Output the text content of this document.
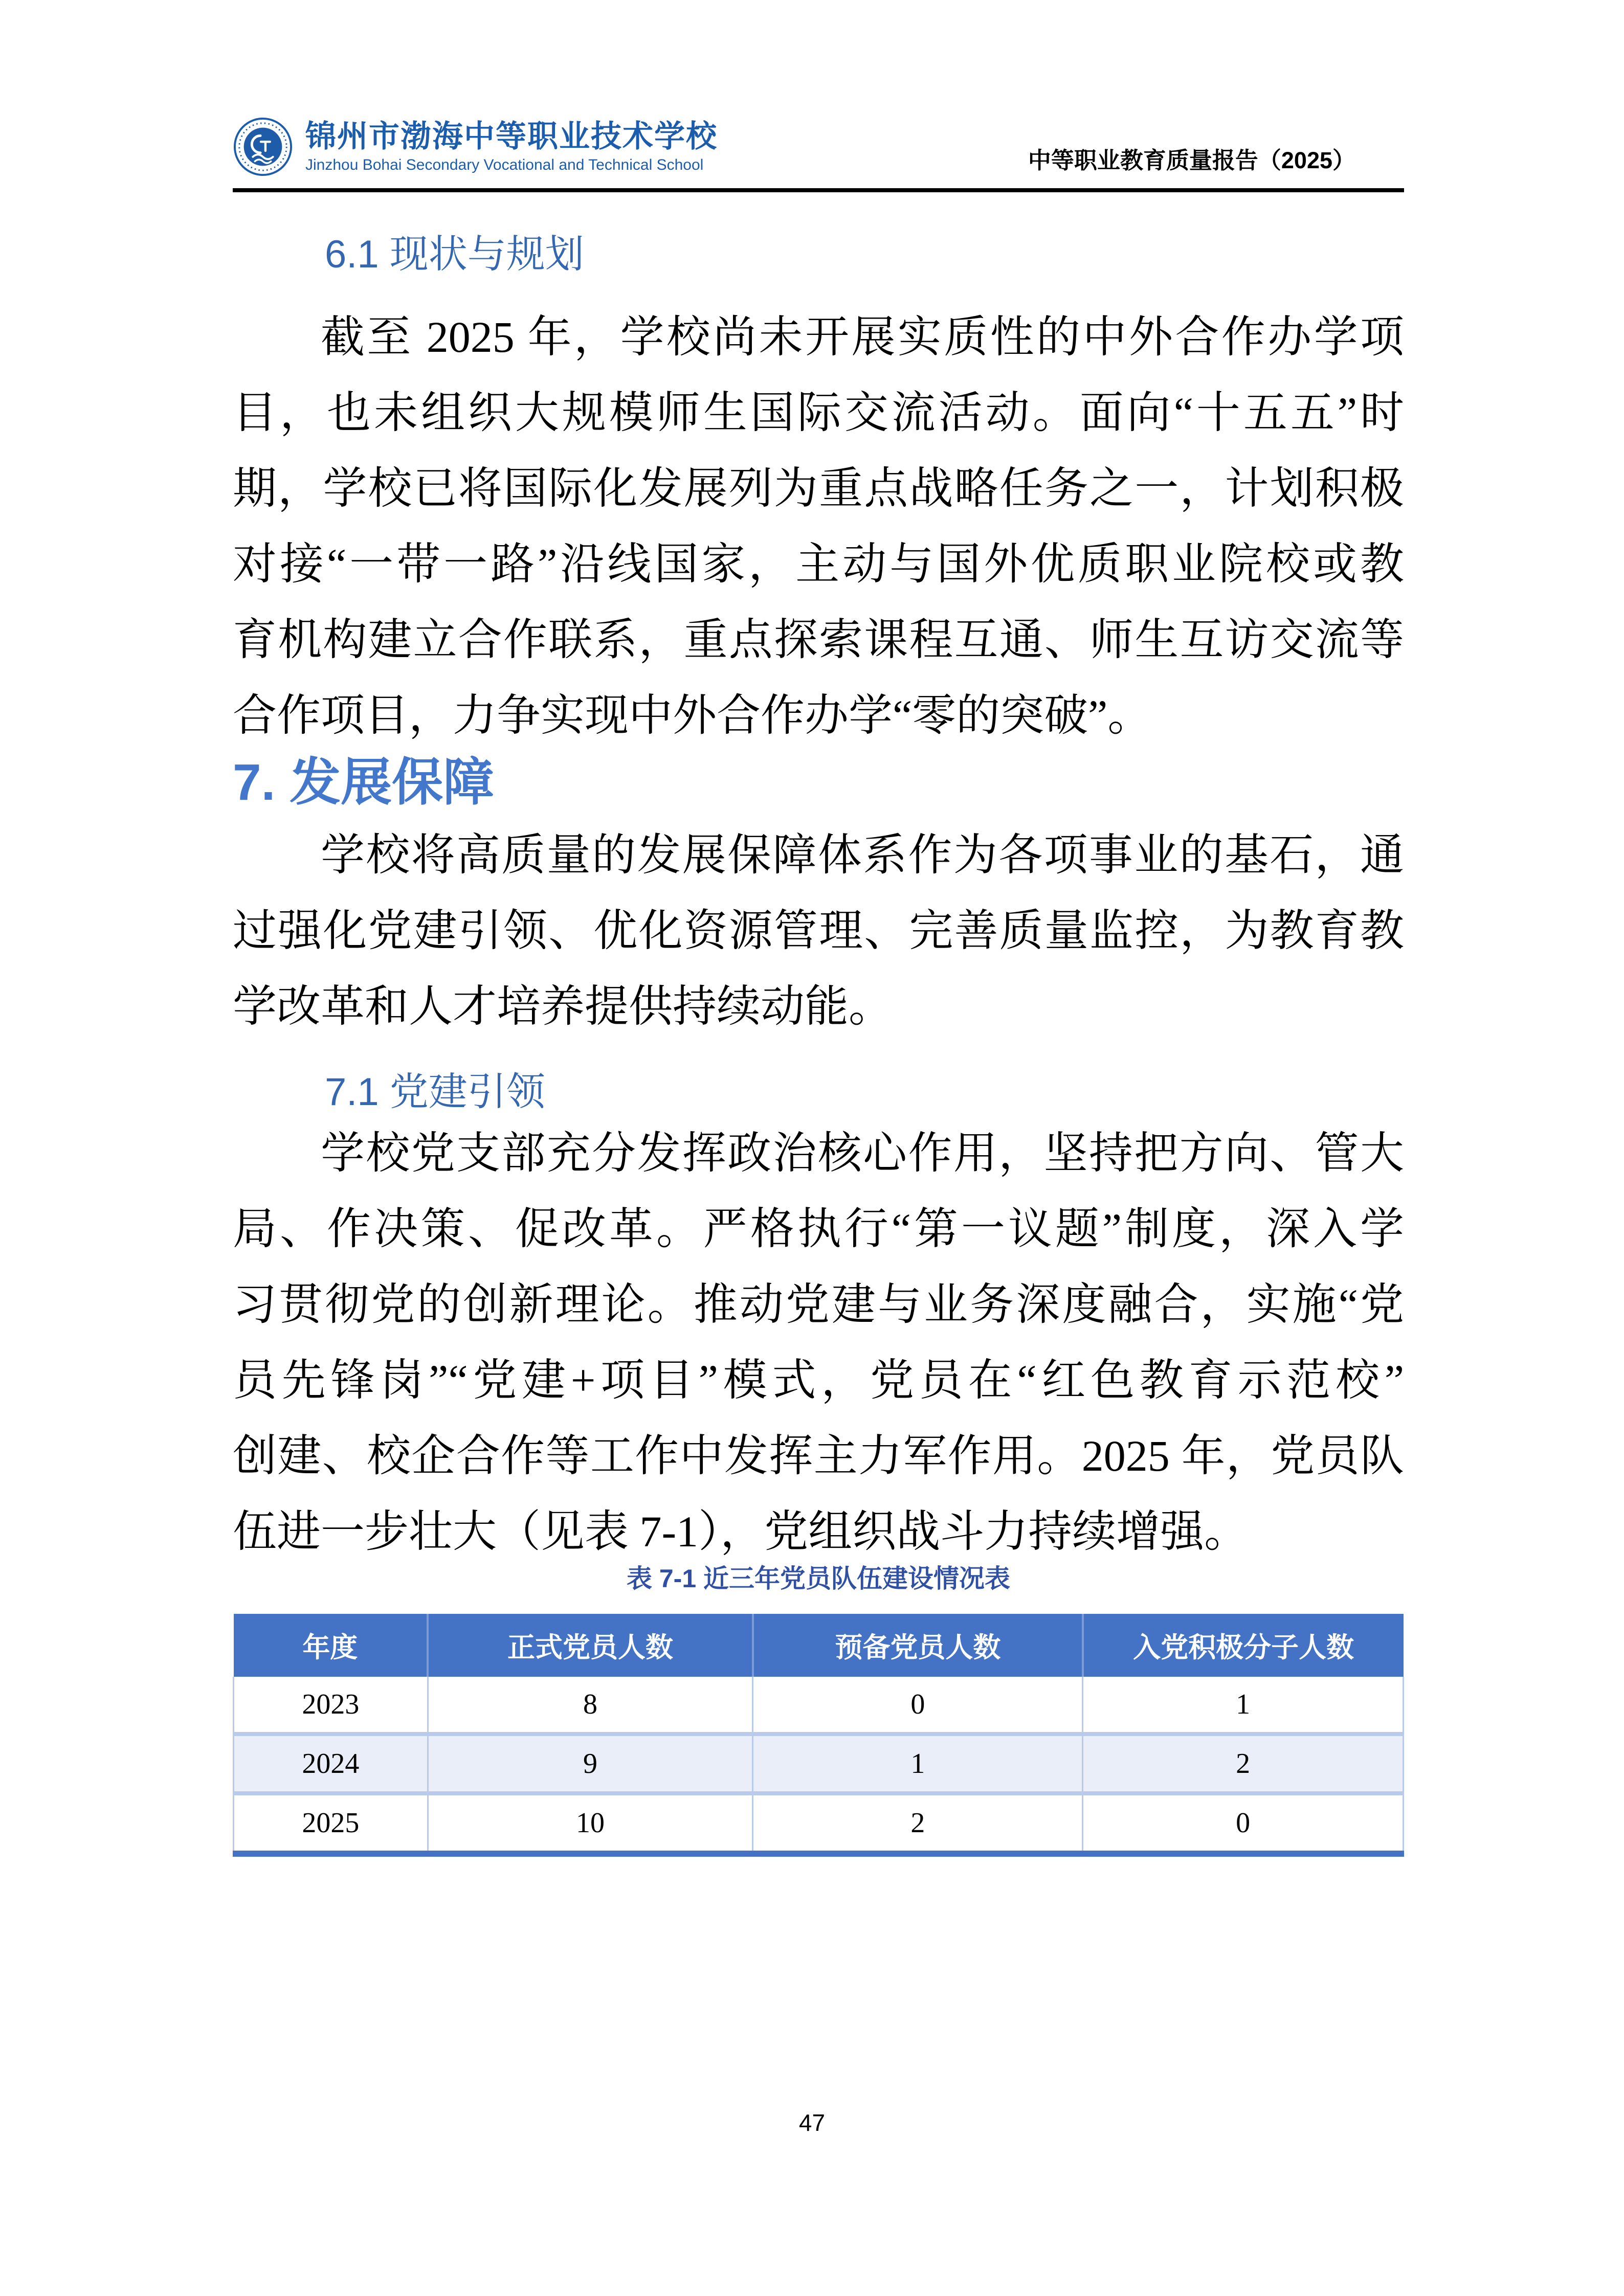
锦州市渤海中等职业技术学校
Jinzhou Bohai Secondary Vocational and Technical School	中等职业教育质量报告（2025）
6.1 现状与规划
截至 2025 年，学校尚未开展实质性的中外合作办学项
目，也未组织大规模师生国际交流活动。面向“十五五”时
期，学校已将国际化发展列为重点战略任务之一，计划积极
对接“一带一路”沿线国家，主动与国外优质职业院校或教
育机构建立合作联系，重点探索课程互通、师生互访交流等
合作项目，力争实现中外合作办学“零的突破”。
7. 发展保障
学校将高质量的发展保障体系作为各项事业的基石，通
过强化党建引领、优化资源管理、完善质量监控，为教育教
学改革和人才培养提供持续动能。
7.1 党建引领
学校党支部充分发挥政治核心作用，坚持把方向、管大
局、作决策、促改革。严格执行“第一议题”制度，深入学
习贯彻党的创新理论。推动党建与业务深度融合，实施“党
员先锋岗”“党建+项目”模式，党员在“红色教育示范校”
创建、校企合作等工作中发挥主力军作用。2025 年，党员队
伍进一步壮大（见表 7-1），党组织战斗力持续增强。
表 7-1 近三年党员队伍建设情况表
年度	正式党员人数	预备党员人数	入党积极分子人数
2023	8	0	1
2024	9	1	2
2025	10	2	0
47
